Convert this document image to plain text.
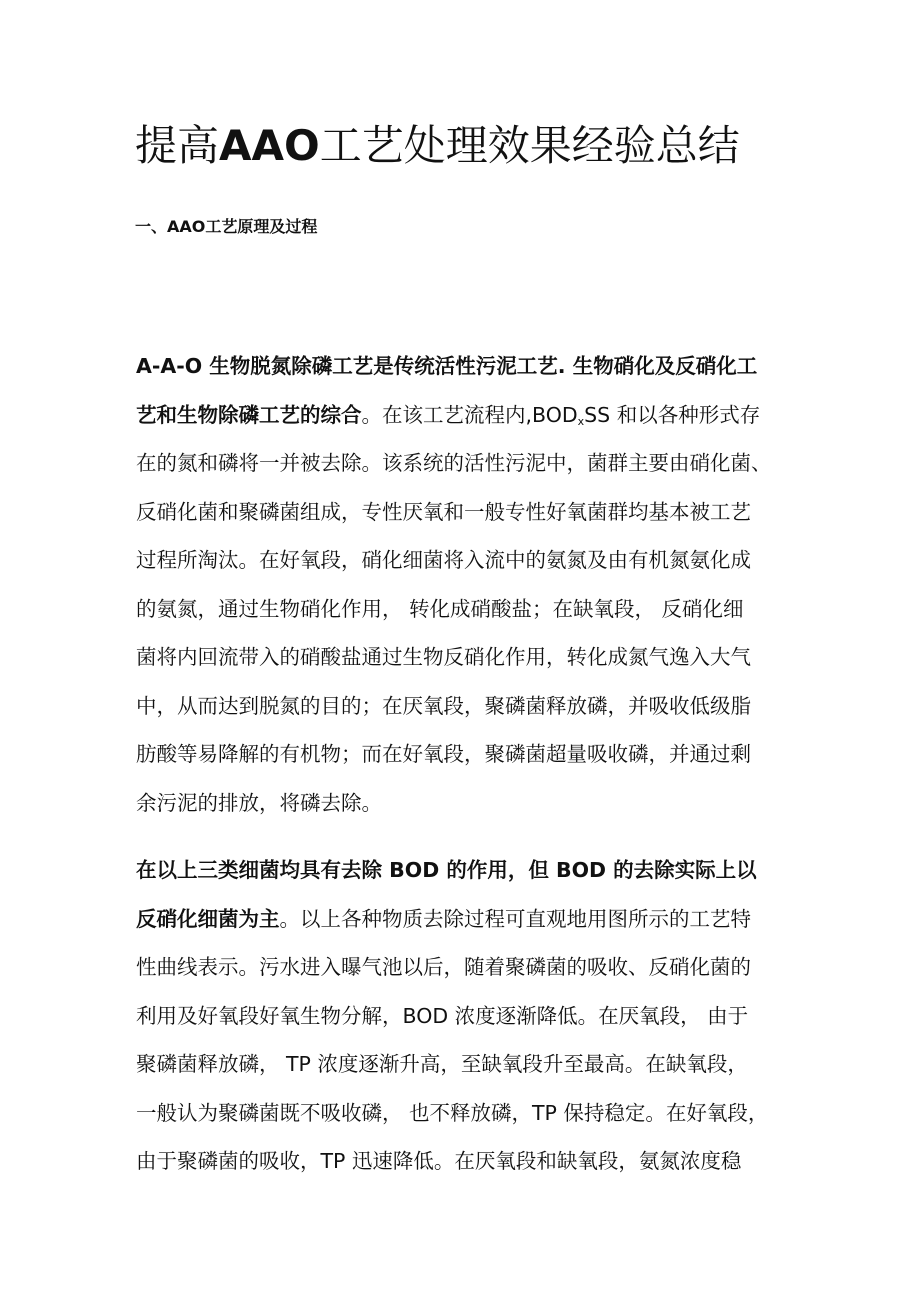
提高AAO工艺处理效果经验总结
一、AAO工艺原理及过程
A-A-O 生物脱氮除磷工艺是传统活性污泥工艺. 生物硝化及反硝化工
艺和生物除磷工艺的综合。在该工艺流程内$,BOD_xSS$ 和以各种形式存
在的氮和磷将一并被去除。该系统的活性污泥中，菌群主要由硝化菌、
反硝化菌和聚磷菌组成，专性厌氧和一般专性好氧菌群均基本被工艺
过程所淘汰。在好氧段，硝化细菌将入流中的氨氮及由有机氮氨化成
的氨氮，通过生物硝化作用， 转化成硝酸盐；在缺氧段， 反硝化细
菌将内回流带入的硝酸盐通过生物反硝化作用，转化成氮气逸入大气
中，从而达到脱氮的目的；在厌氧段，聚磷菌释放磷，并吸收低级脂
肪酸等易降解的有机物；而在好氧段，聚磷菌超量吸收磷，并通过剩
余污泥的排放，将磷去除。
在以上三类细菌均具有去除 BOD 的作用，但 BOD 的去除实际上以
反硝化细菌为主。以上各种物质去除过程可直观地用图所示的工艺特
性曲线表示。污水进入曝气池以后，随着聚磷菌的吸收、反硝化菌的
利用及好氧段好氧生物分解，BOD 浓度逐渐降低。在厌氧段， 由于
聚磷菌释放磷， TP 浓度逐渐升高，至缺氧段升至最高。在缺氧段，
一般认为聚磷菌既不吸收磷， 也不释放磷，TP 保持稳定。在好氧段，
由于聚磷菌的吸收，TP 迅速降低。在厌氧段和缺氧段，氨氮浓度稳
